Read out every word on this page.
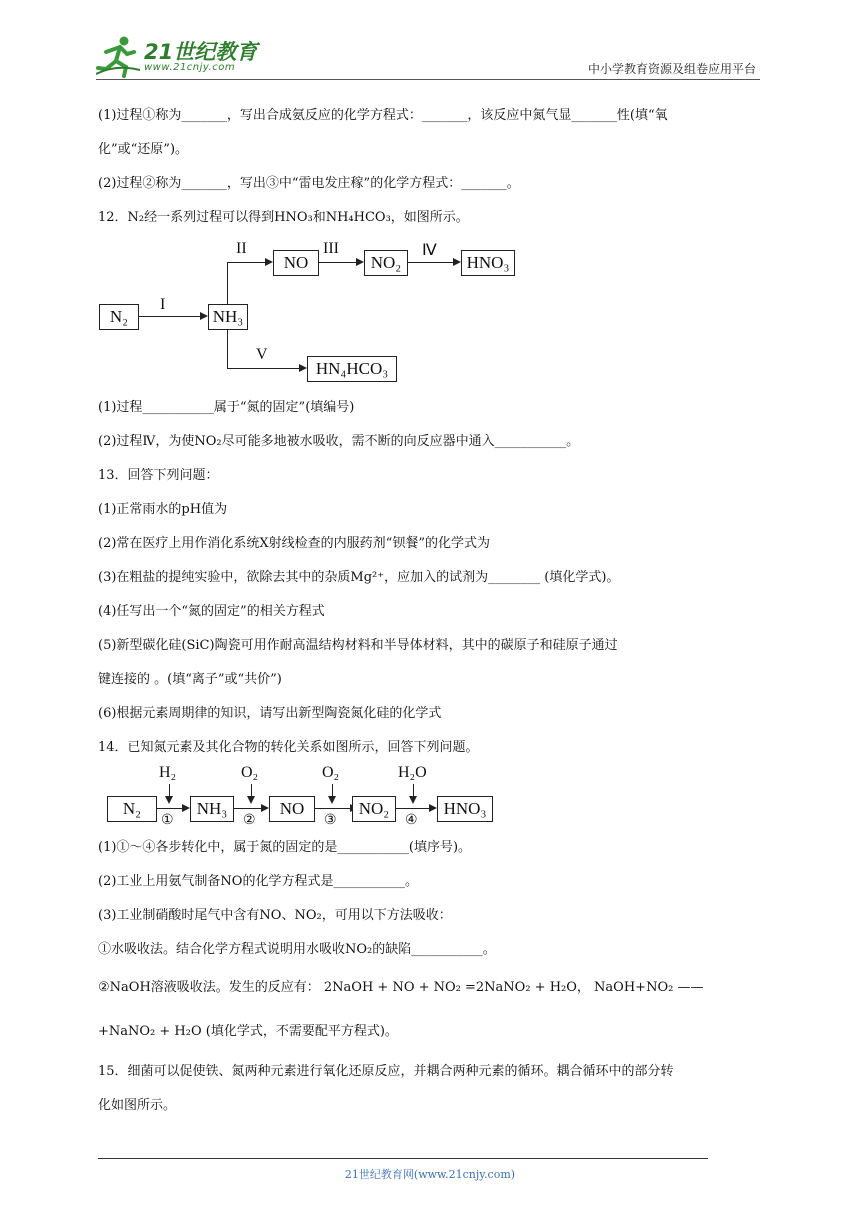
21世纪教育
www.21cnjy.com	中小学教育资源及组卷应用平台
(1)过程①称为_______，写出合成氨反应的化学方程式：_______，该反应中氮气显_______性(填“氧
化”或“还原”)。
(2)过程②称为_______，写出③中“雷电发庄稼”的化学方程式：_______。
12．N₂经一系列过程可以得到HNO₃和NH₄HCO₃，如图所示。
N₂
I
NH₃
II
NO
III
NO₂
Ⅳ
HNO₃
V
HN₄HCO₃
(1)过程___________属于“氮的固定”(填编号)
(2)过程Ⅳ，为使NO₂尽可能多地被水吸收，需不断的向反应器中通入___________。
13．回答下列问题：
(1)正常雨水的pH值为
(2)常在医疗上用作消化系统X射线检查的内服药剂“钡餐”的化学式为
(3)在粗盐的提纯实验中，欲除去其中的杂质Mg²⁺，应加入的试剂为________ (填化学式)。
(4)任写出一个“氮的固定”的相关方程式
(5)新型碳化硅(SiC)陶瓷可用作耐高温结构材料和半导体材料，其中的碳原子和硅原子通过
键连接的 。(填“离子”或“共价”)
(6)根据元素周期律的知识，请写出新型陶瓷氮化硅的化学式
14．已知氮元素及其化合物的转化关系如图所示，回答下列问题。
N₂
H₂
①
NH₃
O₂
②
NO
O₂
③
NO₂
H₂O
④
HNO₃
(1)①～④各步转化中，属于氮的固定的是___________(填序号)。
(2)工业上用氨气制备NO的化学方程式是___________。
(3)工业制硝酸时尾气中含有NO、NO₂，可用以下方法吸收：
①水吸收法。结合化学方程式说明用水吸收NO₂的缺陷___________。
②NaOH溶液吸收法。发生的反应有： 2NaOH + NO + NO₂ =2NaNO₂ + H₂O， NaOH+NO₂ ——
+NaNO₂ + H₂O (填化学式，不需要配平方程式)。
15．细菌可以促使铁、氮两种元素进行氧化还原反应，并耦合两种元素的循环。耦合循环中的部分转
化如图所示。
21世纪教育网(www.21cnjy.com)
